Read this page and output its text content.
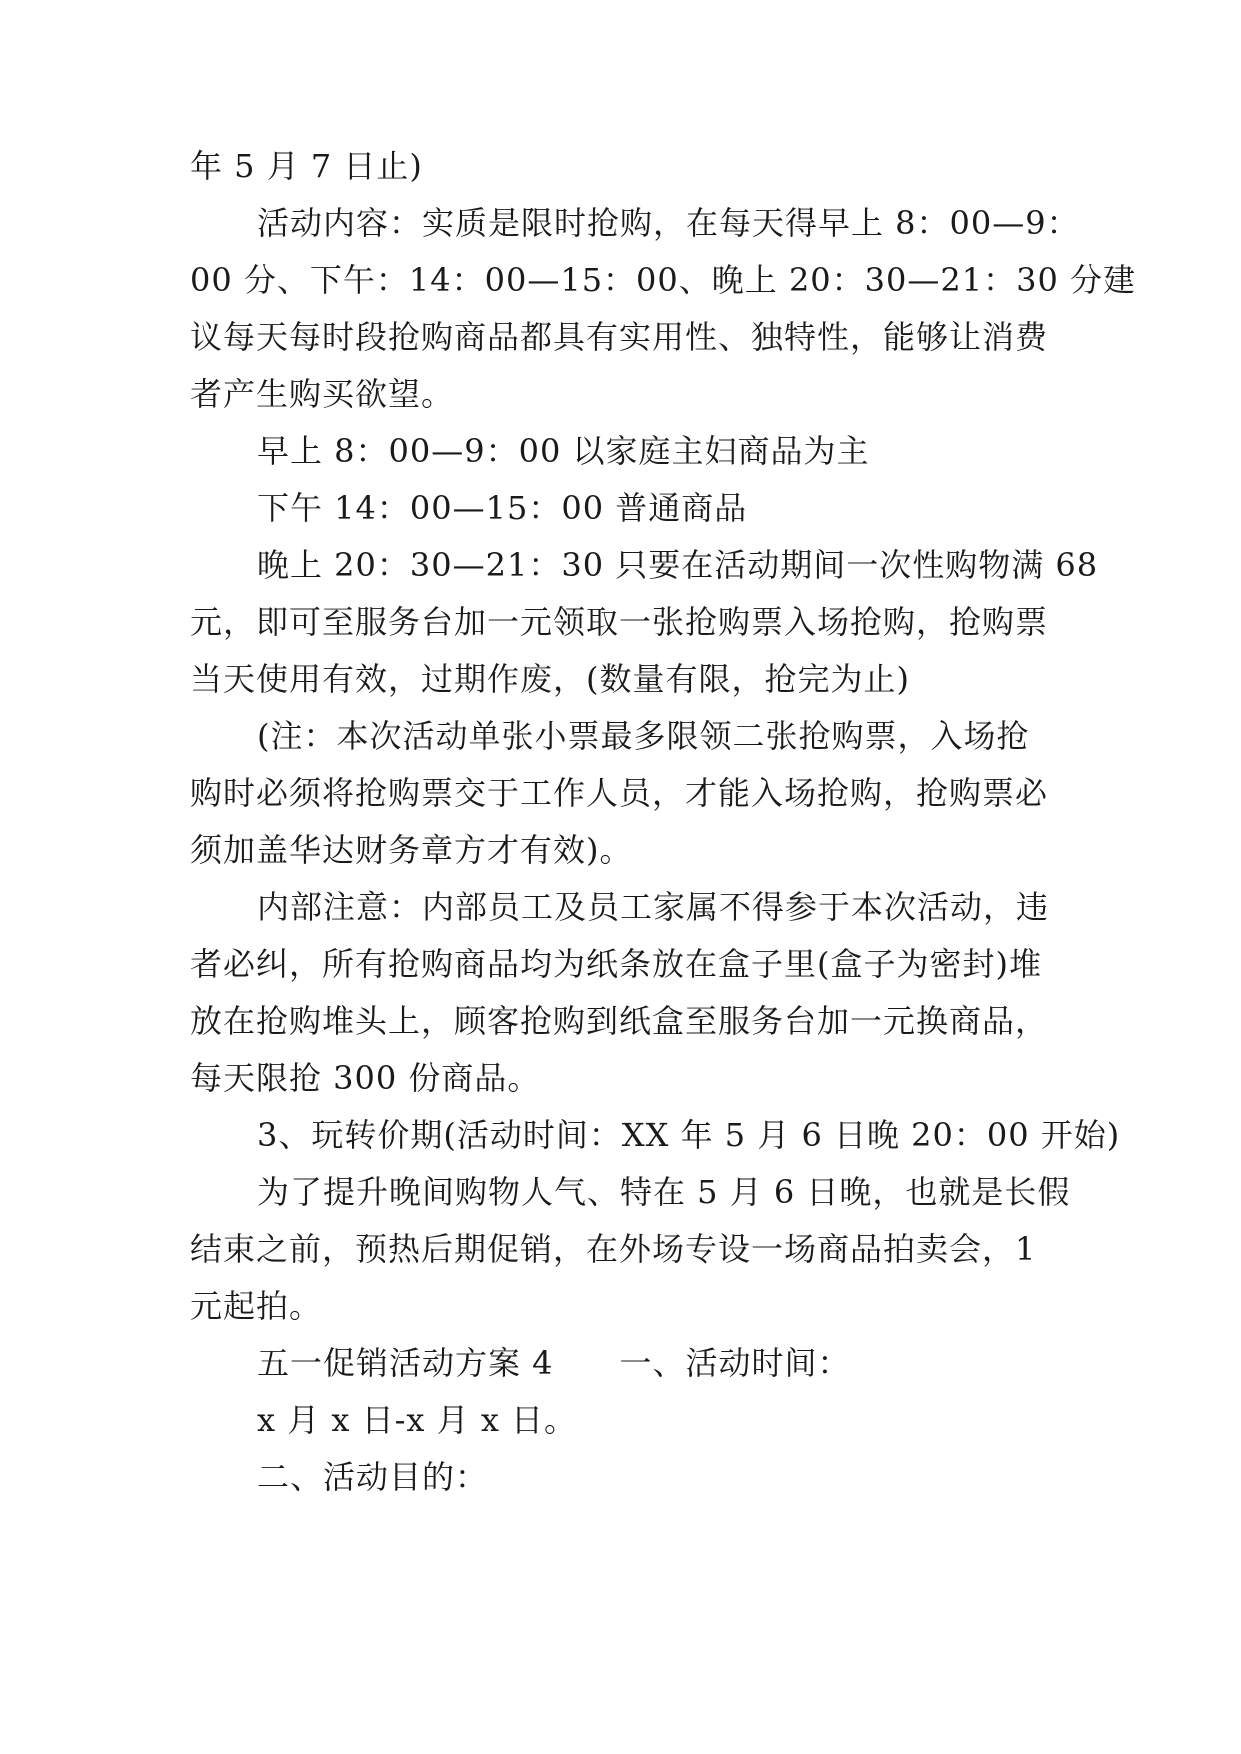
年 5 月 7 日止)
活动内容：实质是限时抢购，在每天得早上 8：00—9：
00 分、下午：14：00—15：00、晚上 20：30—21：30 分建
议每天每时段抢购商品都具有实用性、独特性，能够让消费
者产生购买欲望。
早上 8：00—9：00 以家庭主妇商品为主
下午 14：00—15：00 普通商品
晚上 20：30—21：30 只要在活动期间一次性购物满 68
元，即可至服务台加一元领取一张抢购票入场抢购，抢购票
当天使用有效，过期作废，(数量有限，抢完为止)
(注：本次活动单张小票最多限领二张抢购票，入场抢
购时必须将抢购票交于工作人员，才能入场抢购，抢购票必
须加盖华达财务章方才有效)。
内部注意：内部员工及员工家属不得参于本次活动，违
者必纠，所有抢购商品均为纸条放在盒子里(盒子为密封)堆
放在抢购堆头上，顾客抢购到纸盒至服务台加一元换商品，
每天限抢 300 份商品。
3、玩转价期(活动时间：XX 年 5 月 6 日晚 20：00 开始)
为了提升晚间购物人气、特在 5 月 6 日晚，也就是长假
结束之前，预热后期促销，在外场专设一场商品拍卖会，1
元起拍。
五一促销活动方案 4　　一、活动时间：
x 月 x 日-x 月 x 日。
二、活动目的：
